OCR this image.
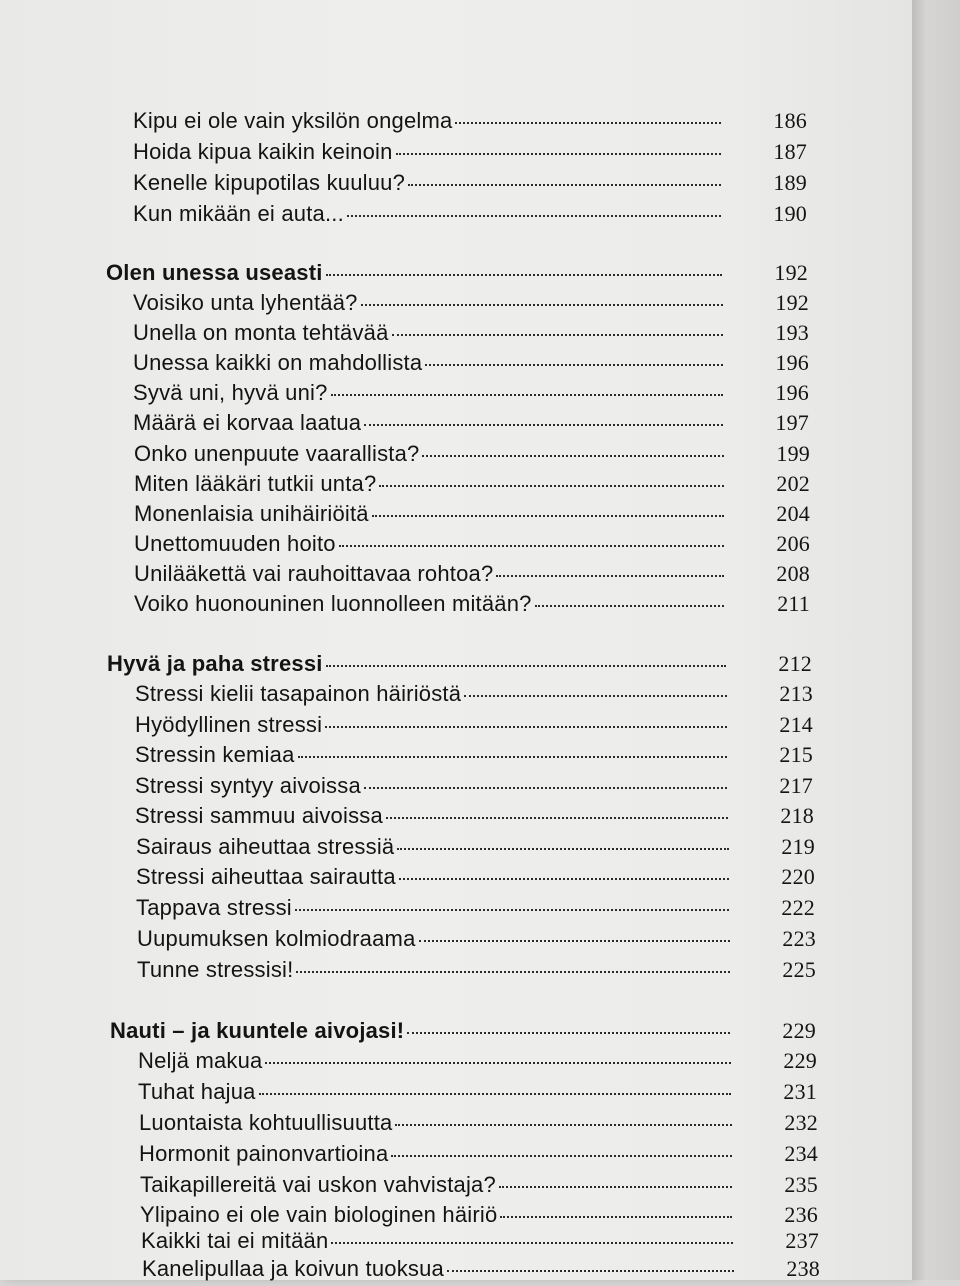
Kipu ei ole vain yksilön ongelma	186
Hoida kipua kaikin keinoin	187
Kenelle kipupotilas kuuluu?	189
Kun mikään ei auta...	190
Olen unessa useasti	192
Voisiko unta lyhentää?	192
Unella on monta tehtävää	193
Unessa kaikki on mahdollista	196
Syvä uni, hyvä uni?	196
Määrä ei korvaa laatua	197
Onko unenpuute vaarallista?	199
Miten lääkäri tutkii unta?	202
Monenlaisia unihäiriöitä	204
Unettomuuden hoito	206
Unilääkettä vai rauhoittavaa rohtoa?	208
Voiko huonouninen luonnolleen mitään?	211
Hyvä ja paha stressi	212
Stressi kielii tasapainon häiriöstä	213
Hyödyllinen stressi	214
Stressin kemiaa	215
Stressi syntyy aivoissa	217
Stressi sammuu aivoissa	218
Sairaus aiheuttaa stressiä	219
Stressi aiheuttaa sairautta	220
Tappava stressi	222
Uupumuksen kolmiodraama	223
Tunne stressisi!	225
Nauti – ja kuuntele aivojasi!	229
Neljä makua	229
Tuhat hajua	231
Luontaista kohtuullisuutta	232
Hormonit painonvartioina	234
Taikapillereitä vai uskon vahvistaja?	235
Ylipaino ei ole vain biologinen häiriö	236
Kaikki tai ei mitään	237
Kanelipullaa ja koivun tuoksua	238
